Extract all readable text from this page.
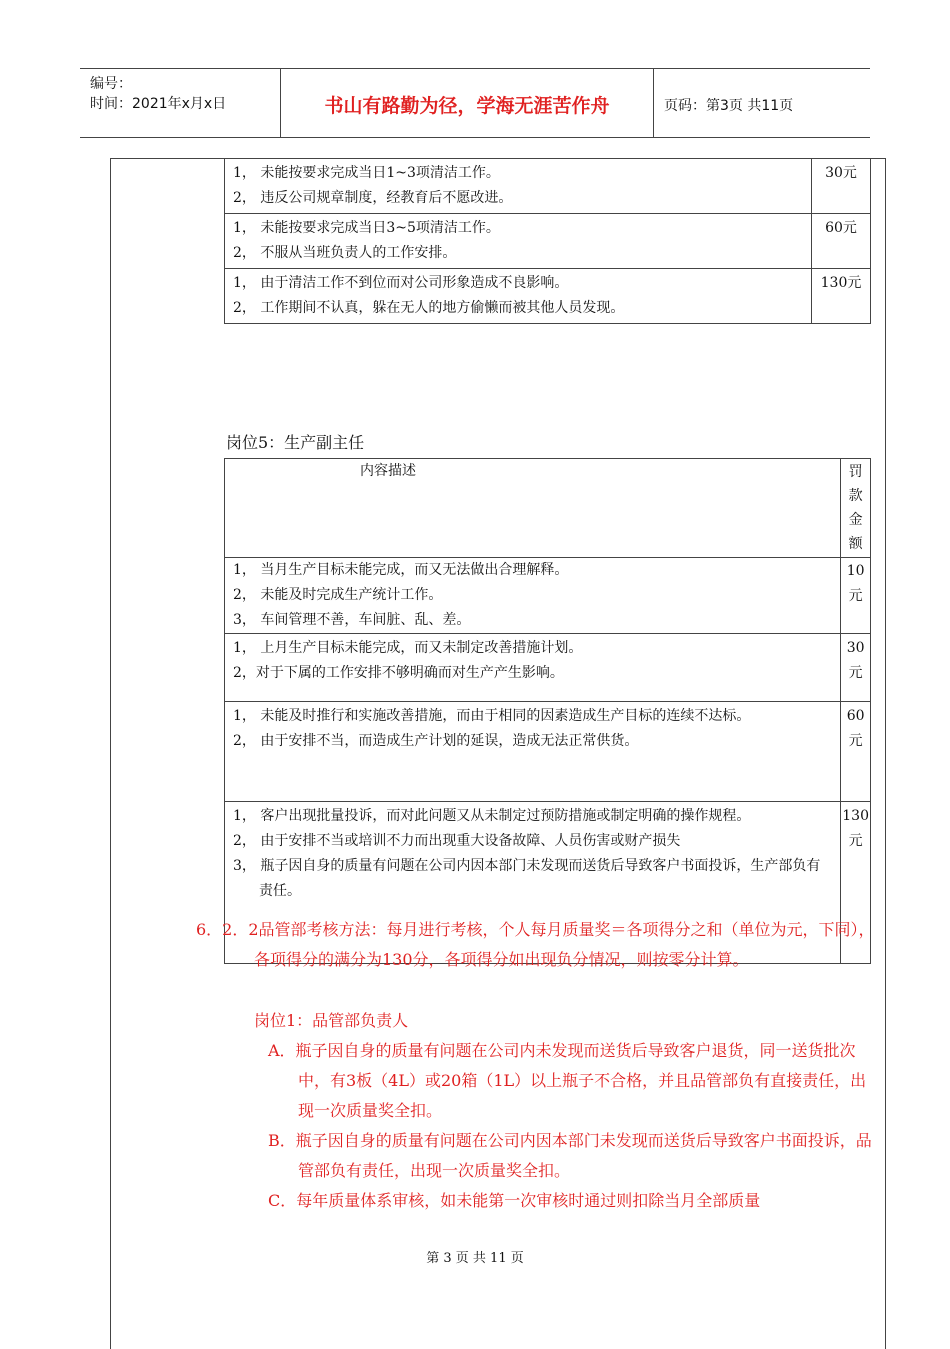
编号：
时间：2021年x月x日	书山有路勤为径，学海无涯苦作舟	页码：第3页 共11页
1， 未能按要求完成当日1~3项清洁工作。
2， 违反公司规章制度，经教育后不愿改进。	30元

1， 未能按要求完成当日3~5项清洁工作。
2， 不服从当班负责人的工作安排。	60元

1， 由于清洁工作不到位而对公司形象造成不良影响。
2， 工作期间不认真，躲在无人的地方偷懒而被其他人员发现。	130元
岗位5：生产副主任
内容描述	罚款金额

1， 当月生产目标未能完成，而又无法做出合理解释。
2， 未能及时完成生产统计工作。
3， 车间管理不善，车间脏、乱、差。	10元

1， 上月生产目标未能完成，而又未制定改善措施计划。
2，对于下属的工作安排不够明确而对生产产生影响。	30元

1， 未能及时推行和实施改善措施，而由于相同的因素造成生产目标的连续不达标。
2， 由于安排不当，而造成生产计划的延误，造成无法正常供货。	60元

1， 客户出现批量投诉，而对此问题又从未制定过预防措施或制定明确的操作规程。
2， 由于安排不当或培训不力而出现重大设备故障、人员伤害或财产损失
3， 瓶子因自身的质量有问题在公司内因本部门未发现而送货后导致客户书面投诉，生产部负有责任。	130元
6．2．2品管部考核方法：每月进行考核，个人每月质量奖＝各项得分之和（单位为元，下同），各项得分的满分为130分，各项得分如出现负分情况，则按零分计算。
岗位1：品管部负责人
A．瓶子因自身的质量有问题在公司内未发现而送货后导致客户退货，同一送货批次中，有3板（4L）或20箱（1L）以上瓶子不合格，并且品管部负有直接责任，出现一次质量奖全扣。
B．瓶子因自身的质量有问题在公司内因本部门未发现而送货后导致客户书面投诉，品管部负有责任，出现一次质量奖全扣。
C．每年质量体系审核，如未能第一次审核时通过则扣除当月全部质量
第 3 页 共 11 页
